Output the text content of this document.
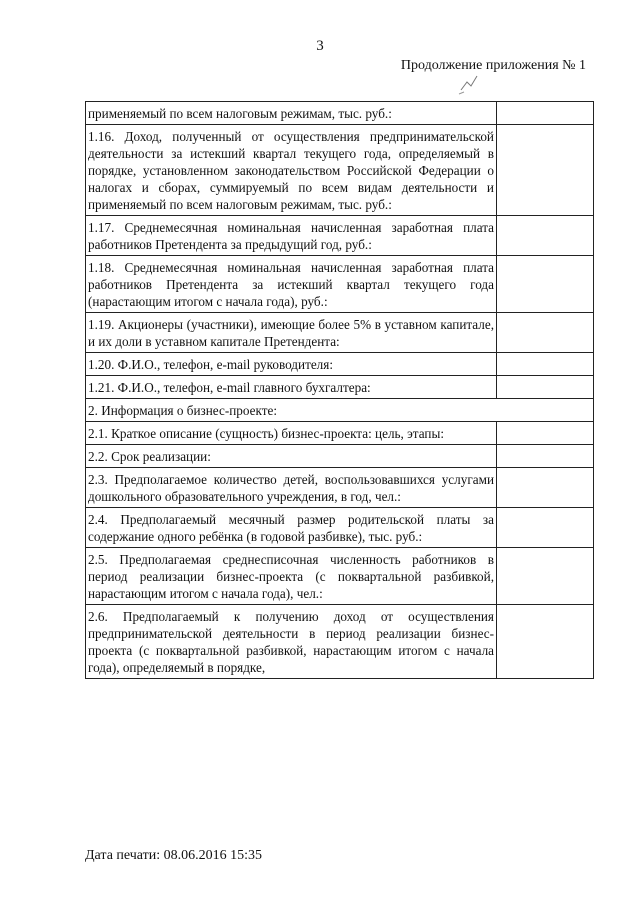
3
Продолжение приложения № 1

применяемый по всем налоговым режимам, тыс. руб.:

1.16. Доход, полученный от осуществления предпринимательской деятельности за истекший квартал текущего года, определяемый в порядке, установленном законодательством Российской Федерации о налогах и сборах, суммируемый по всем видам деятельности и применяемый по всем налоговым режимам, тыс. руб.:

1.17. Среднемесячная номинальная начисленная заработная плата работников Претендента за предыдущий год, руб.:

1.18. Среднемесячная номинальная начисленная заработная плата работников Претендента за истекший квартал текущего года (нарастающим итогом с начала года), руб.:

1.19. Акционеры (участники), имеющие более 5% в уставном капитале, и их доли в уставном капитале Претендента:

1.20. Ф.И.О., телефон, e-mail руководителя:

1.21. Ф.И.О., телефон, e-mail главного бухгалтера:

2. Информация о бизнес-проекте:

2.1. Краткое описание (сущность) бизнес-проекта: цель, этапы:

2.2. Срок реализации:

2.3. Предполагаемое количество детей, воспользовавшихся услугами дошкольного образовательного учреждения, в год, чел.:

2.4. Предполагаемый месячный размер родительской платы за содержание одного ребёнка (в годовой разбивке), тыс. руб.:

2.5. Предполагаемая среднесписочная численность работников в период реализации бизнес-проекта (с поквартальной разбивкой, нарастающим итогом с начала года), чел.:

2.6. Предполагаемый к получению доход от осуществления предпринимательской деятельности в период реализации бизнес-проекта (с поквартальной разбивкой, нарастающим итогом с начала года), определяемый в порядке,

Дата печати: 08.06.2016 15:35
